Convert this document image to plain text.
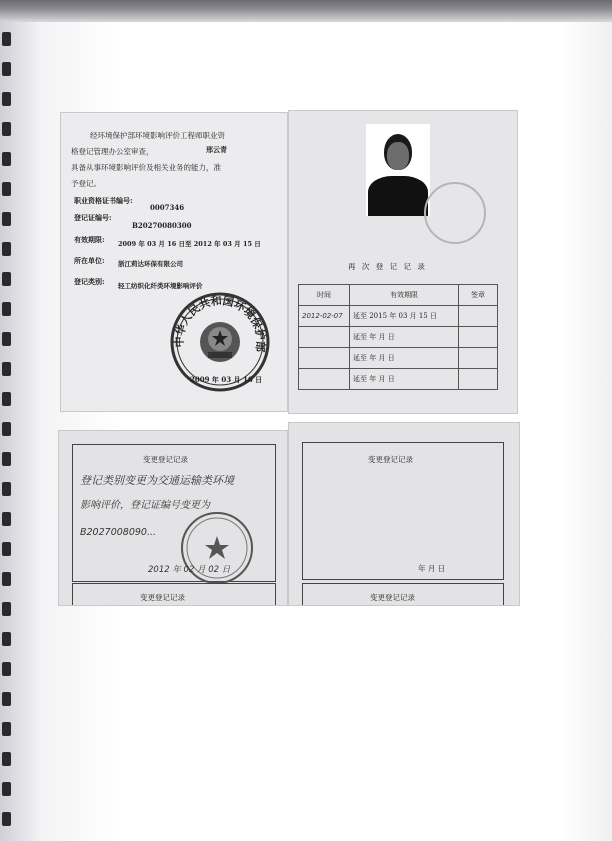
经环境保护部环境影响评价工程师职业资
格登记管理办公室审查，	邢云青
具备从事环境影响评价及相关业务的能力，准
予登记。
职业资格证书编号:
0007346
登记证编号:
B20270080300
有效期限: 2009 年 03 月 16 日至 2012 年 03 月 15 日
所在单位: 浙江莉达环保有限公司
登记类别: 轻工纺织化纤类环境影响评价
中华人民共和国环境保护部
2009 年 03 月 16 日
再 次 登 记 记 录
时间	有效期限	签章
2012-02-07	延至 2015 年 03 月 15 日	
	延至 年 月 日	
	延至 年 月 日	
	延至 年 月 日	
变更登记记录
登记类别变更为交通运输类环境
影响评价，登记证编号变更为
B2027008090...
2012 年 02 月 02 日
变更登记记录
变更登记记录
年 月 日
变更登记记录
